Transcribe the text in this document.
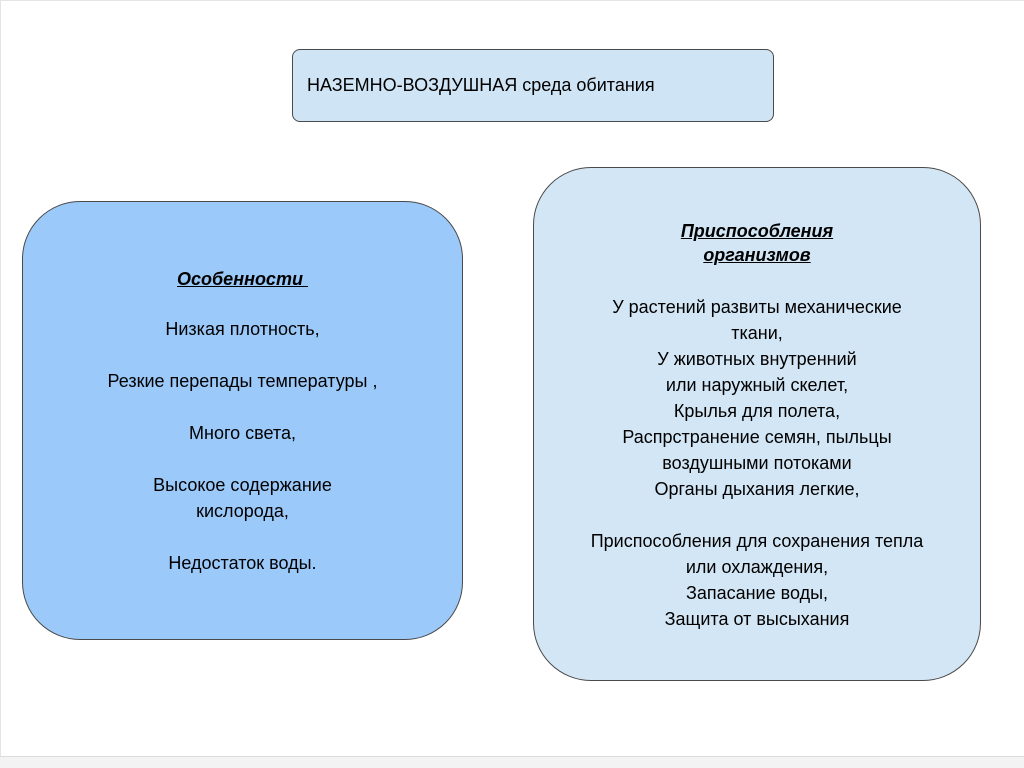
НАЗЕМНО-ВОЗДУШНАЯ среда обитания
Особенности
Низкая плотность,
Резкие перепады температуры ,
Много света,
Высокое содержание
кислорода,
Недостаток воды.
Приспособления
организмов
У растений развиты механические
ткани,
У животных внутренний
или наружный скелет,
Крылья для полета,
Распрстранение семян, пыльцы
воздушными потоками
Органы дыхания легкие,
Приспособления для сохранения тепла
или охлаждения,
Запасание воды,
Защита от высыхания
